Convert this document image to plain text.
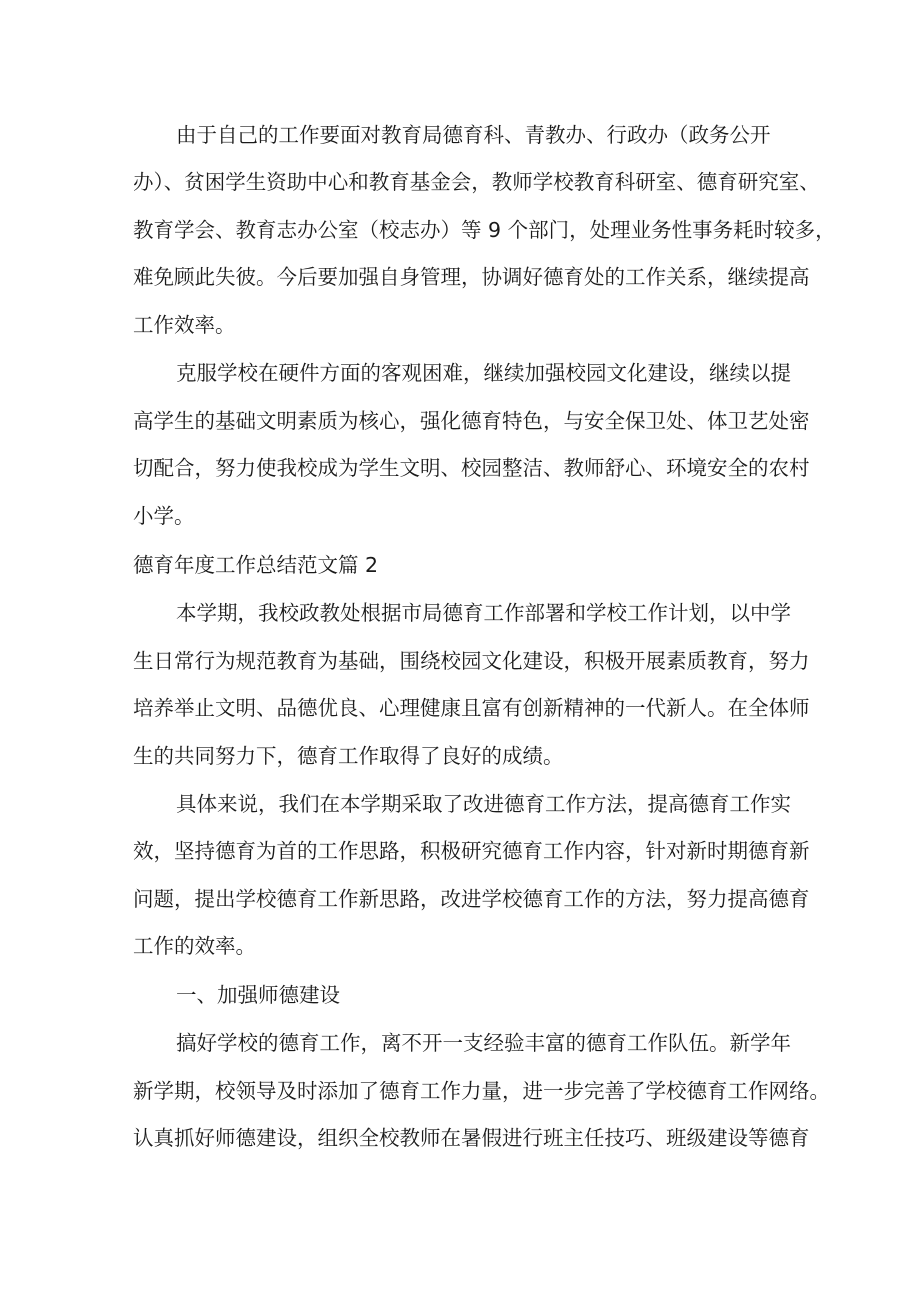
由于自己的工作要面对教育局德育科、青教办、行政办（政务公开
办）、贫困学生资助中心和教育基金会，教师学校教育科研室、德育研究室、
教育学会、教育志办公室（校志办）等 9 个部门，处理业务性事务耗时较多，
难免顾此失彼。今后要加强自身管理，协调好德育处的工作关系，继续提高
工作效率。
克服学校在硬件方面的客观困难，继续加强校园文化建设，继续以提
高学生的基础文明素质为核心，强化德育特色，与安全保卫处、体卫艺处密
切配合，努力使我校成为学生文明、校园整洁、教师舒心、环境安全的农村
小学。
德育年度工作总结范文篇 2
本学期，我校政教处根据市局德育工作部署和学校工作计划，以中学
生日常行为规范教育为基础，围绕校园文化建设，积极开展素质教育，努力
培养举止文明、品德优良、心理健康且富有创新精神的一代新人。在全体师
生的共同努力下，德育工作取得了良好的成绩。
具体来说，我们在本学期采取了改进德育工作方法，提高德育工作实
效，坚持德育为首的工作思路，积极研究德育工作内容，针对新时期德育新
问题，提出学校德育工作新思路，改进学校德育工作的方法，努力提高德育
工作的效率。
一、加强师德建设
搞好学校的德育工作，离不开一支经验丰富的德育工作队伍。新学年
新学期，校领导及时添加了德育工作力量，进一步完善了学校德育工作网络。
认真抓好师德建设，组织全校教师在暑假进行班主任技巧、班级建设等德育
